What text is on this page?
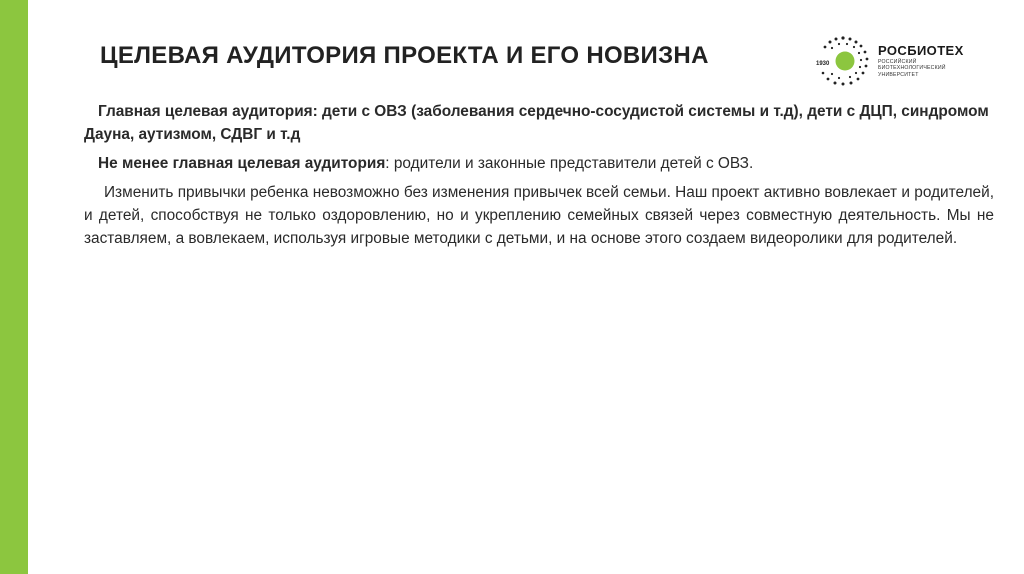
ЦЕЛЕВАЯ АУДИТОРИЯ ПРОЕКТА И ЕГО НОВИЗНА	1930
РОСБИОТЕХ
РОССИЙСКИЙ БИОТЕХНОЛОГИЧЕСКИЙ УНИВЕРСИТЕТ

Главная целевая аудитория: дети с ОВЗ (заболевания сердечно-сосудистой системы и т.д), дети с ДЦП, синдромом Дауна, аутизмом, СДВГ и т.д

Не менее главная целевая аудитория: родители и законные представители детей с ОВЗ.

Изменить привычки ребенка невозможно без изменения привычек всей семьи. Наш проект активно вовлекает и родителей, и детей, способствуя не только оздоровлению, но и укреплению семейных связей через совместную деятельность. Мы не заставляем, а вовлекаем, используя игровые методики с детьми, и на основе этого создаем видеоролики для родителей.
